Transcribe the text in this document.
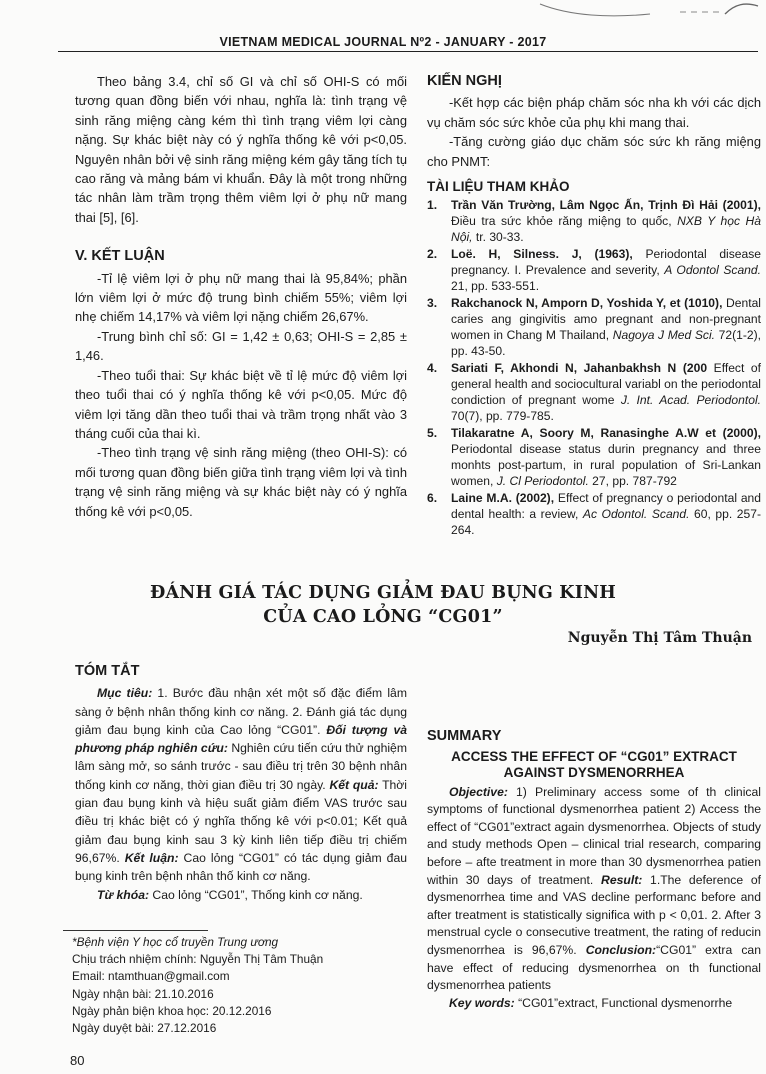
VIETNAM MEDICAL JOURNAL Nº2 - JANUARY - 2017

Theo bảng 3.4, chỉ số GI và chỉ số OHI-S có mối tương quan đồng biến với nhau, nghĩa là: tình trạng vệ sinh răng miệng càng kém thì tình trạng viêm lợi càng nặng. Sự khác biệt này có ý nghĩa thống kê với p<0,05. Nguyên nhân bởi vệ sinh răng miệng kém gây tăng tích tụ cao răng và mảng bám vi khuẩn. Đây là một trong những tác nhân làm trầm trọng thêm viêm lợi ở phụ nữ mang thai [5], [6].

V. KẾT LUẬN

-Tỉ lệ viêm lợi ở phụ nữ mang thai là 95,84%; phần lớn viêm lợi ở mức độ trung bình chiếm 55%; viêm lợi nhẹ chiếm 14,17% và viêm lợi nặng chiếm 26,67%.

-Trung bình chỉ số: GI = 1,42 ± 0,63; OHI-S = 2,85 ± 1,46.

-Theo tuổi thai: Sự khác biệt về tỉ lệ mức độ viêm lợi theo tuổi thai có ý nghĩa thống kê với p<0,05. Mức độ viêm lợi tăng dần theo tuổi thai và trầm trọng nhất vào 3 tháng cuối của thai kì.

-Theo tình trạng vệ sinh răng miệng (theo OHI-S): có mối tương quan đồng biến giữa tình trạng viêm lợi và tình trạng vệ sinh răng miệng và sự khác biệt này có ý nghĩa thống kê với p<0,05.

KIẾN NGHỊ

-Kết hợp các biện pháp chăm sóc nha kh với các dịch vụ chăm sóc sức khỏe của phụ khi mang thai.

-Tăng cường giáo dục chăm sóc sức kh răng miệng cho PNMT:

TÀI LIỆU THAM KHẢO
1. Trần Văn Trường, Lâm Ngọc Ấn, Trịnh Đì Hải (2001), Điều tra sức khỏe răng miệng to quốc, NXB Y học Hà Nội, tr. 30-33.
2. Loë. H, Silness. J, (1963), Periodontal disease pregnancy. I. Prevalence and severity, A Odontol Scand. 21, pp. 533-551.
3. Rakchanock N, Amporn D, Yoshida Y, et (1010), Dental caries ang gingivitis amo pregnant and non-pregnant women in Chang M Thailand, Nagoya J Med Sci. 72(1-2), pp. 43-50.
4. Sariati F, Akhondi N, Jahanbakhsh N (200 Effect of general health and sociocultural variabl on the periodontal condiction of pregnant wome J. Int. Acad. Periodontol. 70(7), pp. 779-785.
5. Tilakaratne A, Soory M, Ranasinghe A.W et (2000), Periodontal disease status durin pregnancy and three monhts post-partum, in rural population of Sri-Lankan women, J. Cl Periodontol. 27, pp. 787-792
6. Laine M.A. (2002), Effect of pregnancy o periodontal and dental health: a review, Ac Odontol. Scand. 60, pp. 257-264.
ĐÁNH GIÁ TÁC DỤNG GIẢM ĐAU BỤNG KINH
CỦA CAO LỎNG “CG01”
Nguyễn Thị Tâm Thuận
TÓM TẮT

Mục tiêu: 1. Bước đầu nhận xét một số đặc điểm lâm sàng ở bệnh nhân thống kinh cơ năng. 2. Đánh giá tác dụng giảm đau bụng kinh của Cao lỏng “CG01”. Đối tượng và phương pháp nghiên cứu: Nghiên cứu tiến cứu thử nghiệm lâm sàng mở, so sánh trước - sau điều trị trên 30 bệnh nhân thống kinh cơ năng, thời gian điều trị 30 ngày. Kết quả: Thời gian đau bụng kinh và hiệu suất giảm điểm VAS trước sau điều trị khác biệt có ý nghĩa thống kê với p<0.01; Kết quả giảm đau bụng kinh sau 3 kỳ kinh liên tiếp điều trị chiếm 96,67%. Kết luận: Cao lỏng “CG01” có tác dụng giảm đau bụng kinh trên bệnh nhân thố kinh cơ năng.

Từ khóa: Cao lỏng “CG01”, Thống kinh cơ năng.

SUMMARY
ACCESS THE EFFECT OF “CG01” EXTRACT
AGAINST DYSMENORRHEA

Objective: 1) Preliminary access some of th clinical symptoms of functional dysmenorrhea patient 2) Access the effect of “CG01”extract again dysmenorrhea. Objects of study and study methods Open – clinical trial research, comparing before – afte treatment in more than 30 dysmenorrhea patien within 30 days of treatment. Result: 1.The deference of dysmenorrhea time and VAS decline performanc before and after treatment is statistically significa with p < 0,01. 2. After 3 menstrual cycle o consecutive treatment, the rating of reducin dysmenorrhea is 96,67%. Conclusion:“CG01” extra can have effect of reducing dysmenorrhea on th functional dysmenorrhea patients

Key words: “CG01”extract, Functional dysmenorrhe

*Bệnh viện Y học cổ truyền Trung ương
Chịu trách nhiệm chính: Nguyễn Thị Tâm Thuận
Email: ntamthuan@gmail.com
Ngày nhận bài: 21.10.2016
Ngày phản biện khoa học: 20.12.2016
Ngày duyệt bài: 27.12.2016
80
